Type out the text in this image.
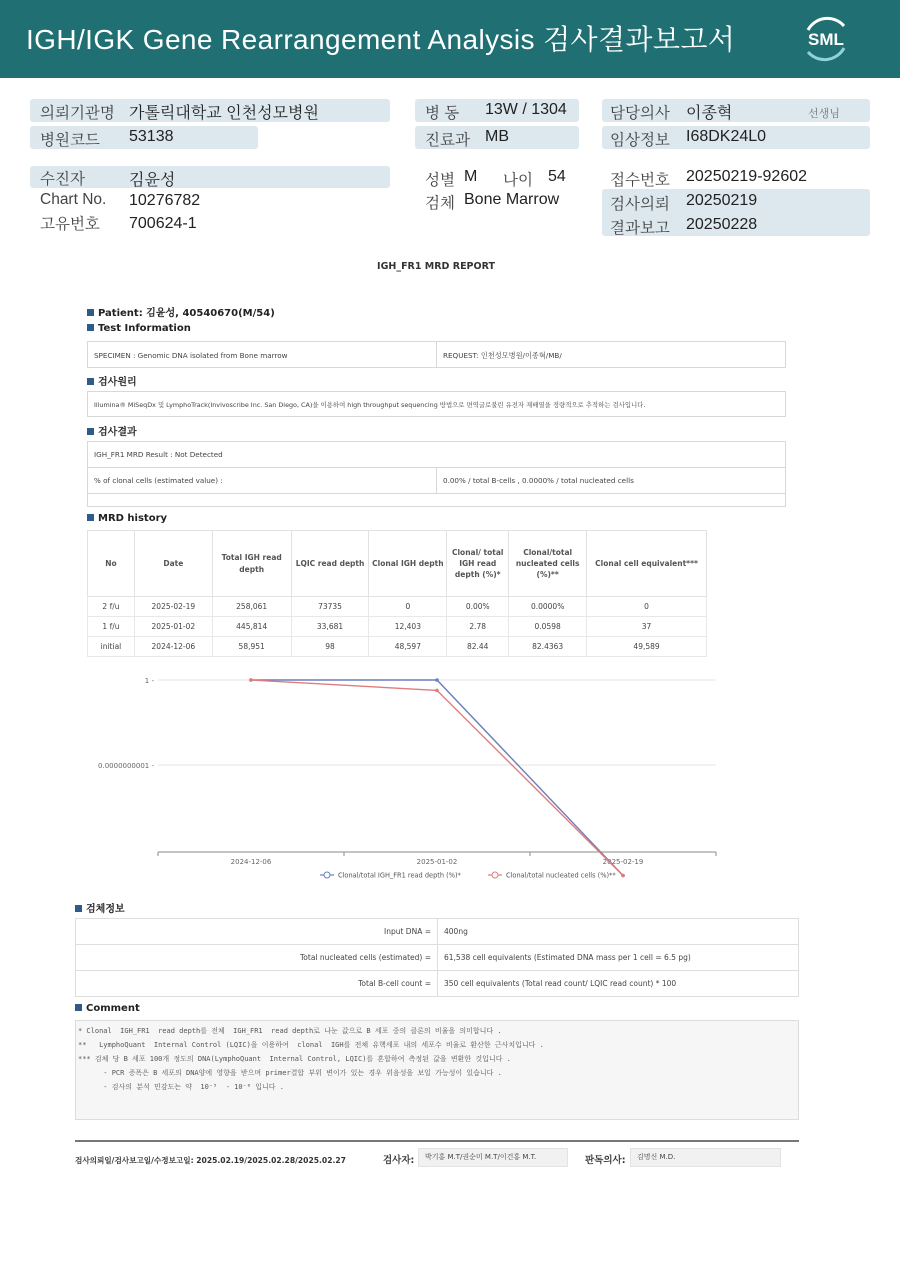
IGH/IGK Gene Rearrangement Analysis 검사결과보고서	SML
의뢰기관명 가톨릭대학교 인천성모병원
병원코드 53138
병 동 13W / 1304
진료과 MB
담당의사 이종혁	선생님
임상정보 I68DK24L0
수진자	김윤성
Chart No. 10276782
고유번호 700624-1
성별 M 나이 54
검체 Bone Marrow
접수번호 20250219-92602
검사의뢰 20250219
결과보고 20250228
IGH_FR1 MRD REPORT
Patient: 김윤성, 40540670(M/54)
Test Information
SPECIMEN : Genomic DNA isolated from Bone marrow	REQUEST: 인천성모병원/이종혁/MB/
검사원리
Illumina® MiSeqDx 및 LymphoTrack(Invivoscribe Inc. San Diego, CA)을 이용하여 high throughput sequencing 방법으로 면역글로불린 유전자 재배열을 정량적으로 추적하는 검사입니다.
검사결과
IGH_FR1 MRD Result : Not Detected
% of clonal cells (estimated value) :	0.00% / total B-cells , 0.0000% / total nucleated cells
MRD history
No	Date	Total IGH read depth	LQIC read depth	Clonal IGH depth	Clonal/ total IGH read depth (%)*	Clonal/total nucleated cells (%)**	Clonal cell equivalent***
2 f/u	2025-02-19	258,061	73735	0	0.00%	0.0000%	0
1 f/u	2025-01-02	445,814	33,681	12,403	2.78	0.0598	37
initial	2024-12-06	58,951	98	48,597	82.44	82.4363	49,589
1 -
0.0000000001 -
2024-12-06	2025-01-02	2025-02-19
Clonal/total IGH_FR1 read depth (%)*	Clonal/total nucleated cells (%)**
검체정보
Input DNA =	400ng
Total nucleated cells (estimated) =	61,538 cell equivalents (Estimated DNA mass per 1 cell = 6.5 pg)
Total B-cell count =	350 cell equivalents (Total read count/ LQIC read count) * 100
Comment
* Clonal  IGH_FR1  read depth를 전체  IGH_FR1  read depth로 나눈 값으로 B 세포 중의 클론의 비율을 의미합니다 .
**   LymphoQuant  Internal Control (LQIC)을 이용하여  clonal  IGH를 전체 유핵세포 내의 세포수 비율로 환산한 근사치입니다 .
*** 검체 당 B 세포 100개 정도의 DNA(LymphoQuant  Internal Control, LQIC)를 혼합하여 측정된 값을 변환한 것입니다 .
- PCR 증폭은 B 세포의 DNA양에 영향을 받으며 primer결합 부위 변이가 있는 경우 위음성을 보일 가능성이 있습니다 .
- 검사의 분석 민감도는 약  10⁻⁵  - 10⁻⁶ 입니다 .
검사의뢰일/검사보고일/수정보고일: 2025.02.19/2025.02.28/2025.02.27	검사자:	박기홍 M.T/권순미 M.T/이건홍 M.T.	판독의사:	김명신 M.D.
